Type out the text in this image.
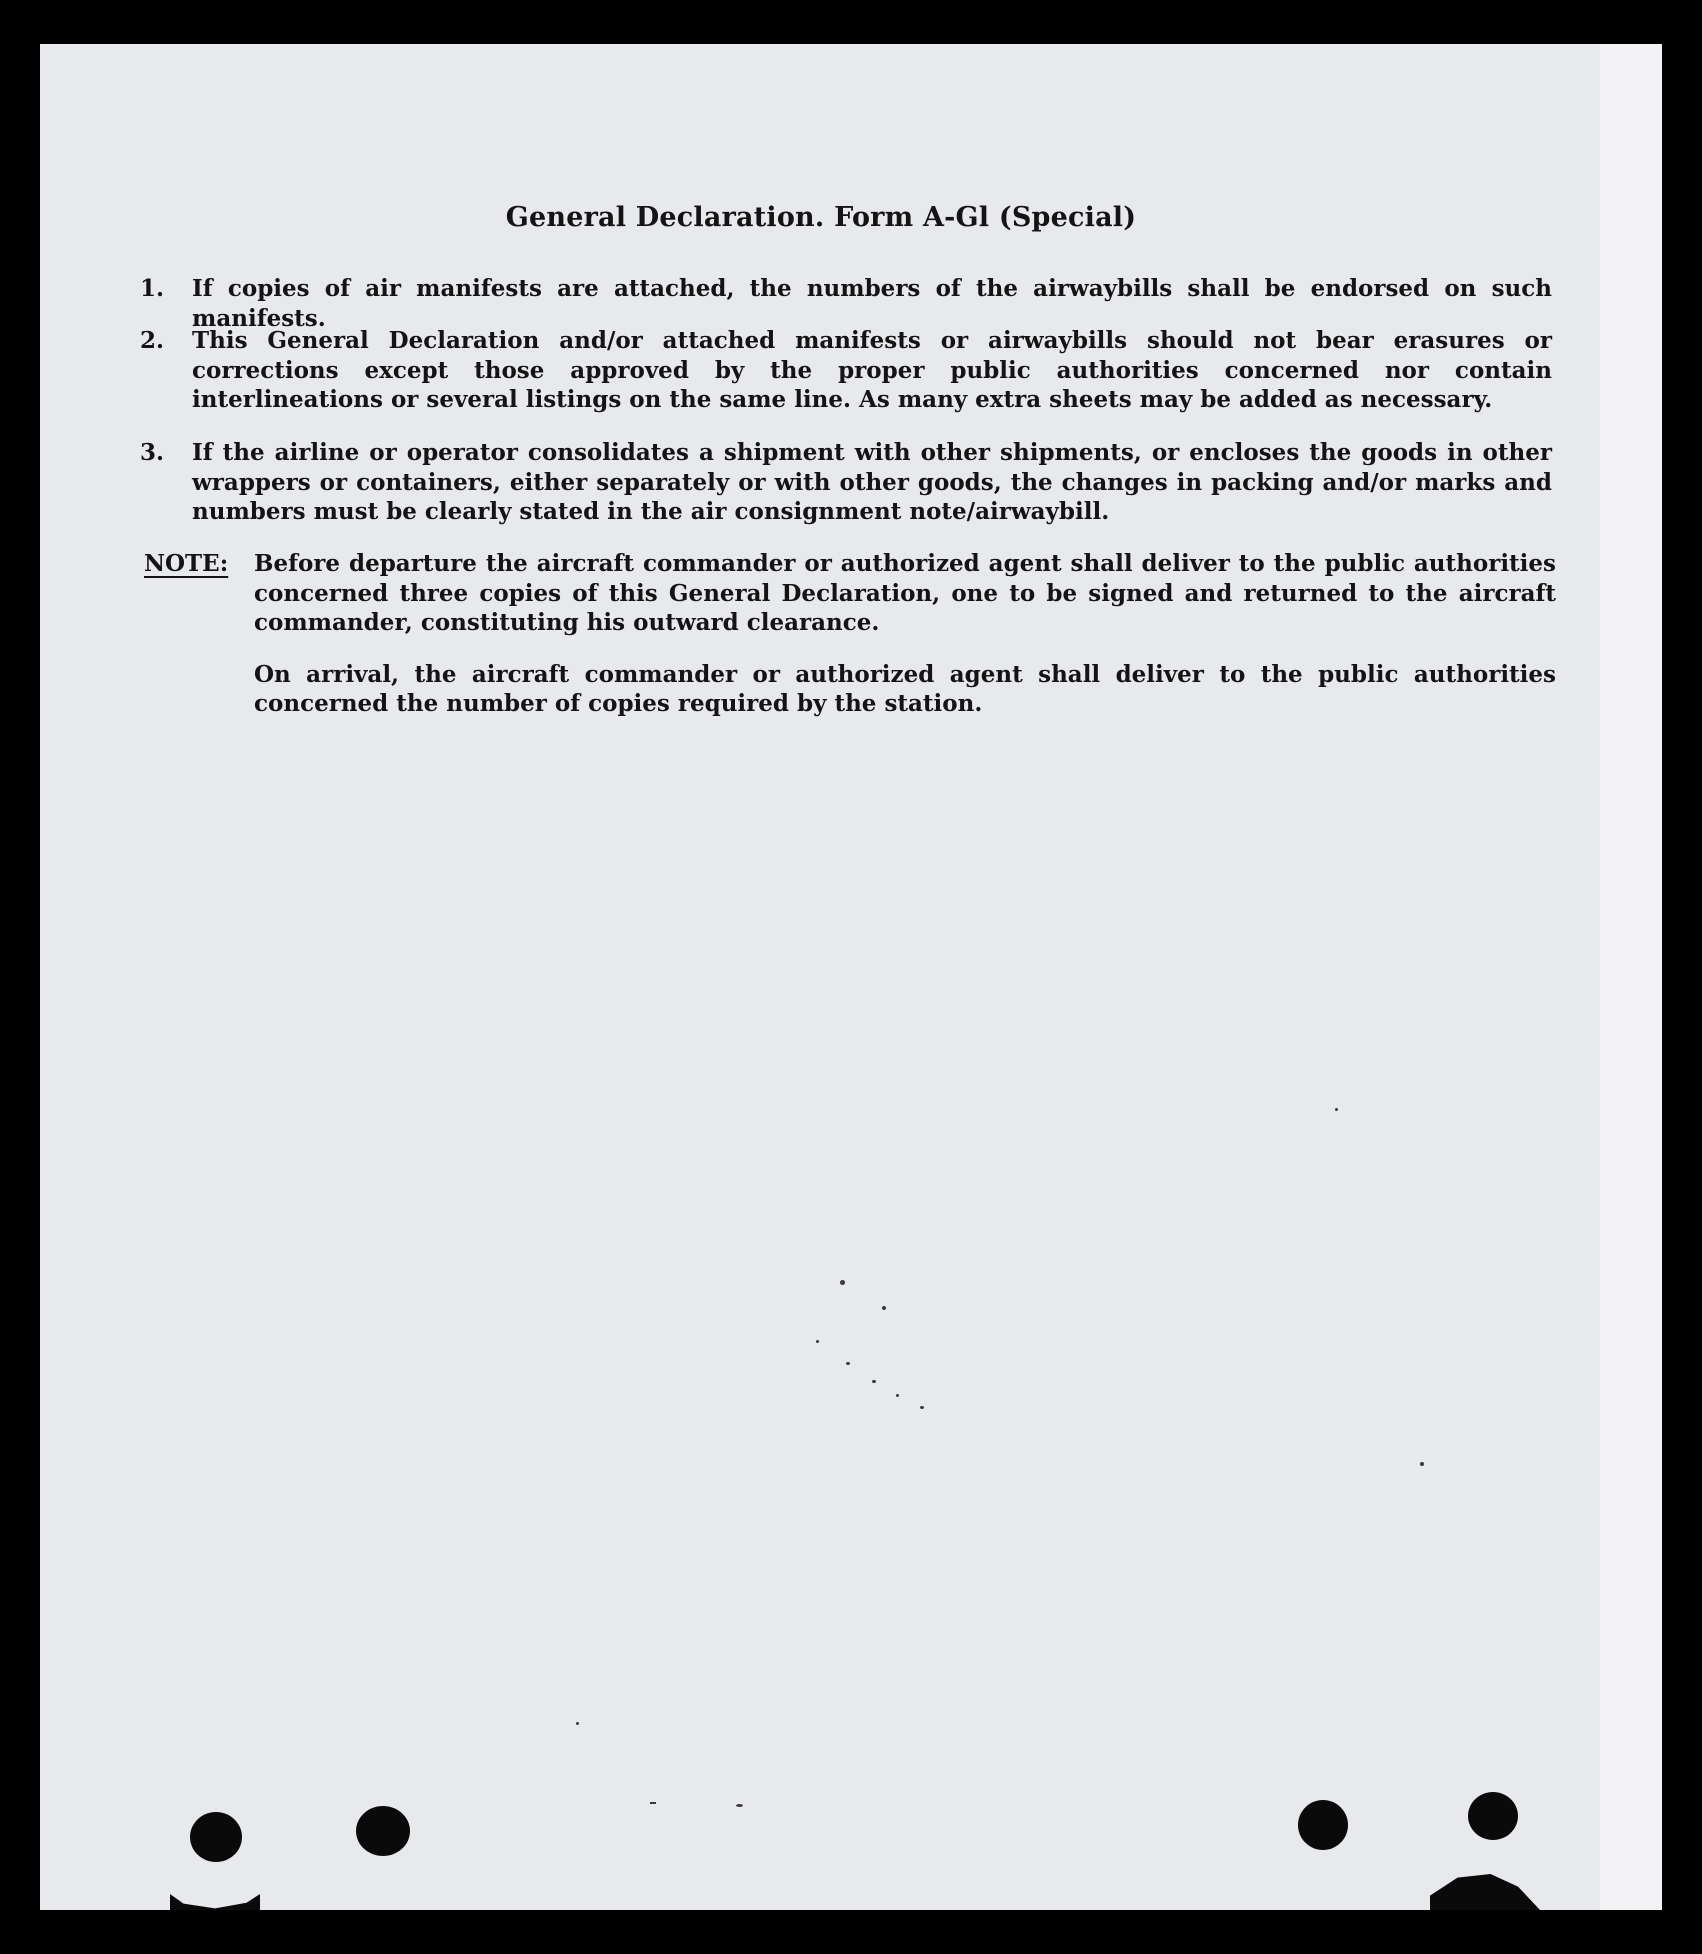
General Declaration. Form A-Gl (Special)
1. If copies of air manifests are attached, the numbers of the airwaybills shall be endorsed on such manifests.
2. This General Declaration and/or attached manifests or airwaybills should not bear erasures or corrections except those approved by the proper public authorities concerned nor contain interlineations or several listings on the same line. As many extra sheets may be added as necessary.
3. If the airline or operator consolidates a shipment with other shipments, or encloses the goods in other wrappers or containers, either separately or with other goods, the changes in packing and/or marks and numbers must be clearly stated in the air consignment note/airwaybill.
NOTE: Before departure the aircraft commander or authorized agent shall deliver to the public authorities concerned three copies of this General Declaration, one to be signed and returned to the aircraft commander, constituting his outward clearance.
On arrival, the aircraft commander or authorized agent shall deliver to the public authorities concerned the number of copies required by the station.
